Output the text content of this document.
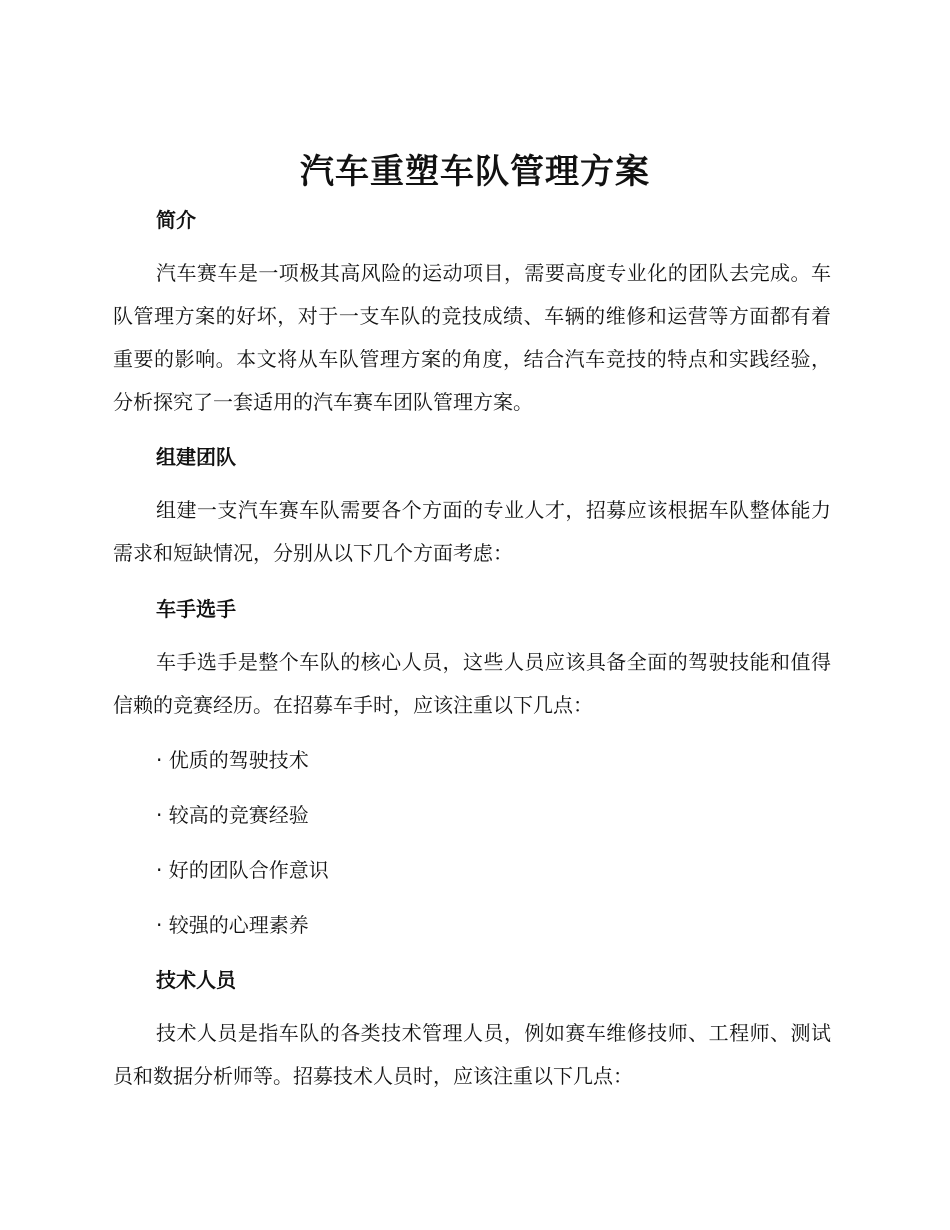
汽车重塑车队管理方案
简介

汽车赛车是一项极其高风险的运动项目，需要高度专业化的团队去完成。车队管理方案的好坏，对于一支车队的竞技成绩、车辆的维修和运营等方面都有着重要的影响。本文将从车队管理方案的角度，结合汽车竞技的特点和实践经验，分析探究了一套适用的汽车赛车团队管理方案。

组建团队

组建一支汽车赛车队需要各个方面的专业人才，招募应该根据车队整体能力需求和短缺情况，分别从以下几个方面考虑：

车手选手

车手选手是整个车队的核心人员，这些人员应该具备全面的驾驶技能和值得信赖的竞赛经历。在招募车手时，应该注重以下几点：

· 优质的驾驶技术
· 较高的竞赛经验
· 好的团队合作意识
· 较强的心理素养
技术人员

技术人员是指车队的各类技术管理人员，例如赛车维修技师、工程师、测试员和数据分析师等。招募技术人员时，应该注重以下几点：
